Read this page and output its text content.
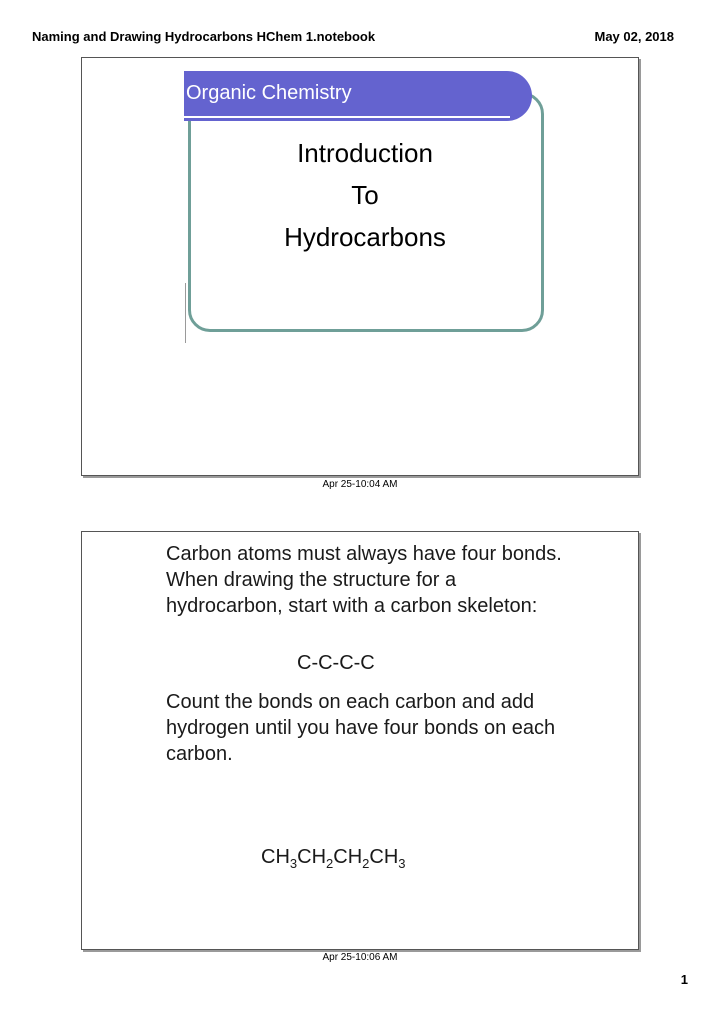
Naming and Drawing Hydrocarbons HChem 1.notebook	May 02, 2018
Organic Chemistry
Introduction
To
Hydrocarbons
Apr 25-10:04 AM

Carbon atoms must always have four bonds. When drawing the structure for a hydrocarbon, start with a carbon skeleton:

C-C-C-C

Count the bonds on each carbon and add hydrogen until you have four bonds on each carbon.

$CH_3CH_2CH_2CH_3$
Apr 25-10:06 AM
1
